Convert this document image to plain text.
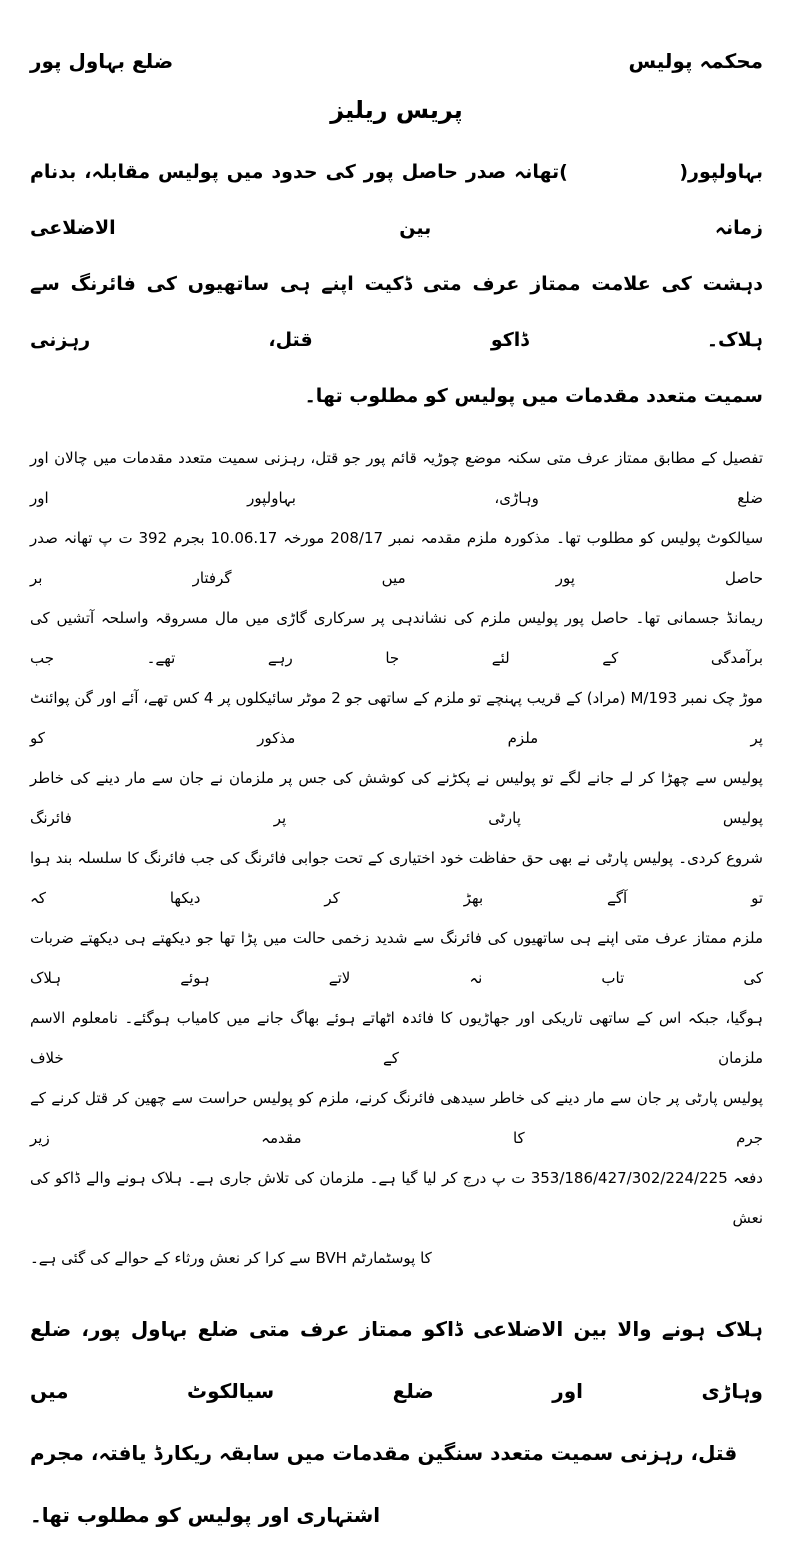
محکمہ پولیس
ضلع بہاول پور
پریس ریلیز
بہاولپور(              )تھانہ صدر حاصل پور کی حدود میں پولیس مقابلہ، بدنام زمانہ بین الاضلاعی
دہشت کی علامت ممتاز عرف متی ڈکیت اپنے ہی ساتھیوں کی فائرنگ سے ہلاک۔ ڈاکو قتل، رہزنی
سمیت متعدد مقدمات میں پولیس کو مطلوب تھا۔
تفصیل کے مطابق ممتاز عرف متی سکنہ موضع چوڑیہ قائم پور جو قتل، رہزنی سمیت متعدد مقدمات میں چالان اور ضلع وہاڑی، بہاولپور اور
سیالکوٹ پولیس کو مطلوب تھا۔ مذکورہ ملزم مقدمہ نمبر 208/17 مورخہ 10.06.17 بجرم 392 ت پ تھانہ صدر حاصل پور میں گرفتار بر
ریمانڈ جسمانی تھا۔ حاصل پور پولیس ملزم کی نشاندہی پر سرکاری گاڑی میں مال مسروقہ واسلحہ آتشیں کی برآمدگی کے لئے جا رہے تھے۔ جب
موڑ چک نمبر 193/M (مراد) کے قریب پہنچے تو ملزم کے ساتھی جو 2 موٹر سائیکلوں پر 4 کس تھے، آئے اور گن پوائنٹ پر ملزم مذکور کو
پولیس سے چھڑا کر لے جانے لگے تو پولیس نے پکڑنے کی کوشش کی جس پر ملزمان نے جان سے مار دینے کی خاطر پولیس پارٹی پر فائرنگ
شروع کردی۔ پولیس پارٹی نے بھی حق حفاظت خود اختیاری کے تحت جوابی فائرنگ کی جب فائرنگ کا سلسلہ بند ہوا تو آگے بھڑ کر دیکھا کہ
ملزم ممتاز عرف متی اپنے ہی ساتھیوں کی فائرنگ سے شدید زخمی حالت میں پڑا تھا جو دیکھتے ہی دیکھتے ضربات کی تاب نہ لاتے ہوئے ہلاک
ہوگیا، جبکہ اس کے ساتھی تاریکی اور جھاڑیوں کا فائدہ اٹھاتے ہوئے بھاگ جانے میں کامیاب ہوگئے۔ نامعلوم الاسم ملزمان کے خلاف
پولیس پارٹی پر جان سے مار دینے کی خاطر سیدھی فائرنگ کرنے، ملزم کو پولیس حراست سے چھین کر قتل کرنے کے جرم کا مقدمہ زیر
دفعہ 353/186/427/302/224/225 ت پ درج کر لیا گیا ہے۔ ملزمان کی تلاش جاری ہے۔ ہلاک ہونے والے ڈاکو کی نعش
کا پوسٹمارٹم BVH سے کرا کر نعش ورثاء کے حوالے کی گئی ہے۔
ہلاک ہونے والا بین الاضلاعی ڈاکو ممتاز عرف متی ضلع بہاول پور، ضلع وہاڑی اور ضلع سیالکوٹ میں
قتل، رہزنی سمیت متعدد سنگین مقدمات میں سابقہ ریکارڈ یافتہ، مجرم اشتہاری اور پولیس کو مطلوب تھا۔
